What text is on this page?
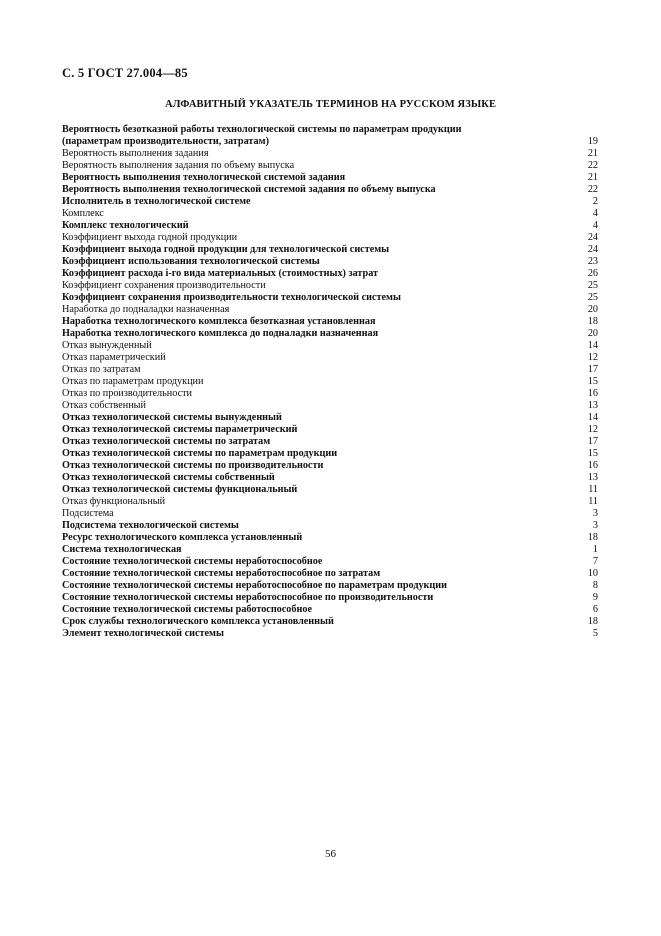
С. 5 ГОСТ 27.004—85
АЛФАВИТНЫЙ УКАЗАТЕЛЬ ТЕРМИНОВ НА РУССКОМ ЯЗЫКЕ
Вероятность безотказной работы технологической системы по параметрам продукции
(параметрам производительности, затратам)	19
Вероятность выполнения задания	21
Вероятность выполнения задания по объему выпуска	22
Вероятность выполнения технологической системой задания	21
Вероятность выполнения технологической системой задания по объему выпуска	22
Исполнитель в технологической системе	2
Комплекс	4
Комплекс технологический	4
Коэффициент выхода годной продукции	24
Коэффициент выхода годной продукции для технологической системы	24
Коэффициент использования технологической системы	23
Коэффициент расхода i-го вида материальных (стоимостных) затрат	26
Коэффициент сохранения производительности	25
Коэффициент сохранения производительности технологической системы	25
Наработка до подналадки назначенная	20
Наработка технологического комплекса безотказная установленная	18
Наработка технологического комплекса до подналадки назначенная	20
Отказ вынужденный	14
Отказ параметрический	12
Отказ по затратам	17
Отказ по параметрам продукции	15
Отказ по производительности	16
Отказ собственный	13
Отказ технологической системы вынужденный	14
Отказ технологической системы параметрический	12
Отказ технологической системы по затратам	17
Отказ технологической системы по параметрам продукции	15
Отказ технологической системы по производительности	16
Отказ технологической системы собственный	13
Отказ технологической системы функциональный	11
Отказ функциональный	11
Подсистема	3
Подсистема технологической системы	3
Ресурс технологического комплекса установленный	18
Система технологическая	1
Состояние технологической системы неработоспособное	7
Состояние технологической системы неработоспособное по затратам	10
Состояние технологической системы неработоспособное по параметрам продукции	8
Состояние технологической системы неработоспособное по производительности	9
Состояние технологической системы работоспособное	6
Срок службы технологического комплекса установленный	18
Элемент технологической системы	5
56
